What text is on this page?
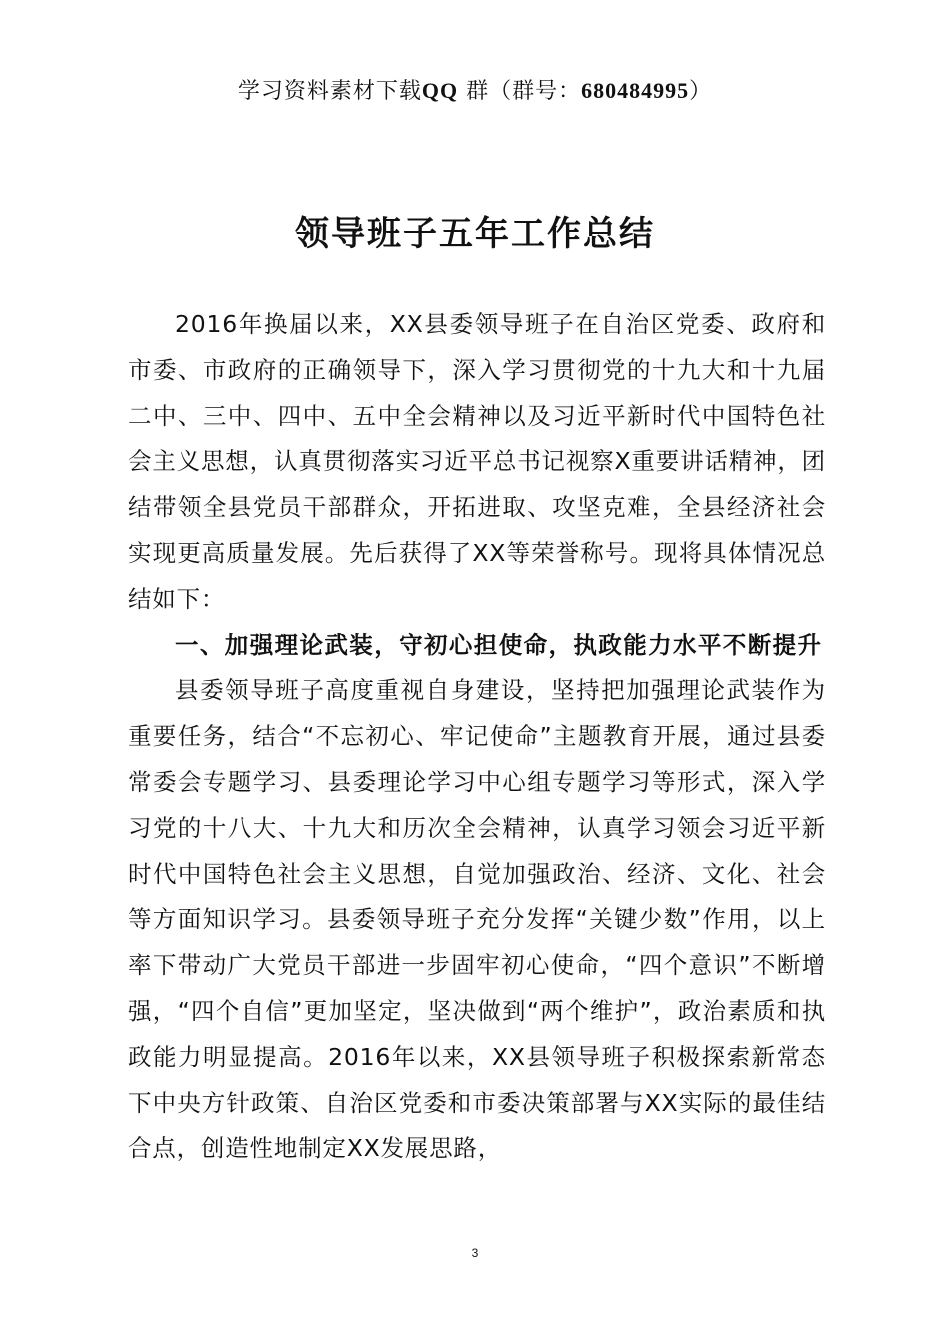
学习资料素材下载QQ 群（群号：680484995）
领导班子五年工作总结

2016年换届以来，XX县委领导班子在自治区党委、政府和市委、市政府的正确领导下，深入学习贯彻党的十九大和十九届二中、三中、四中、五中全会精神以及习近平新时代中国特色社会主义思想，认真贯彻落实习近平总书记视察X重要讲话精神，团结带领全县党员干部群众，开拓进取、攻坚克难，全县经济社会实现更高质量发展。先后获得了XX等荣誉称号。现将具体情况总结如下：

一、加强理论武装，守初心担使命，执政能力水平不断提升

县委领导班子高度重视自身建设，坚持把加强理论武装作为重要任务，结合“不忘初心、牢记使命”主题教育开展，通过县委常委会专题学习、县委理论学习中心组专题学习等形式，深入学习党的十八大、十九大和历次全会精神，认真学习领会习近平新时代中国特色社会主义思想，自觉加强政治、经济、文化、社会等方面知识学习。县委领导班子充分发挥“关键少数”作用，以上率下带动广大党员干部进一步固牢初心使命，“四个意识”不断增强，“四个自信”更加坚定，坚决做到“两个维护”，政治素质和执政能力明显提高。2016年以来，XX县领导班子积极探索新常态下中央方针政策、自治区党委和市委决策部署与XX实际的最佳结合点，创造性地制定XX发展思路，

3
